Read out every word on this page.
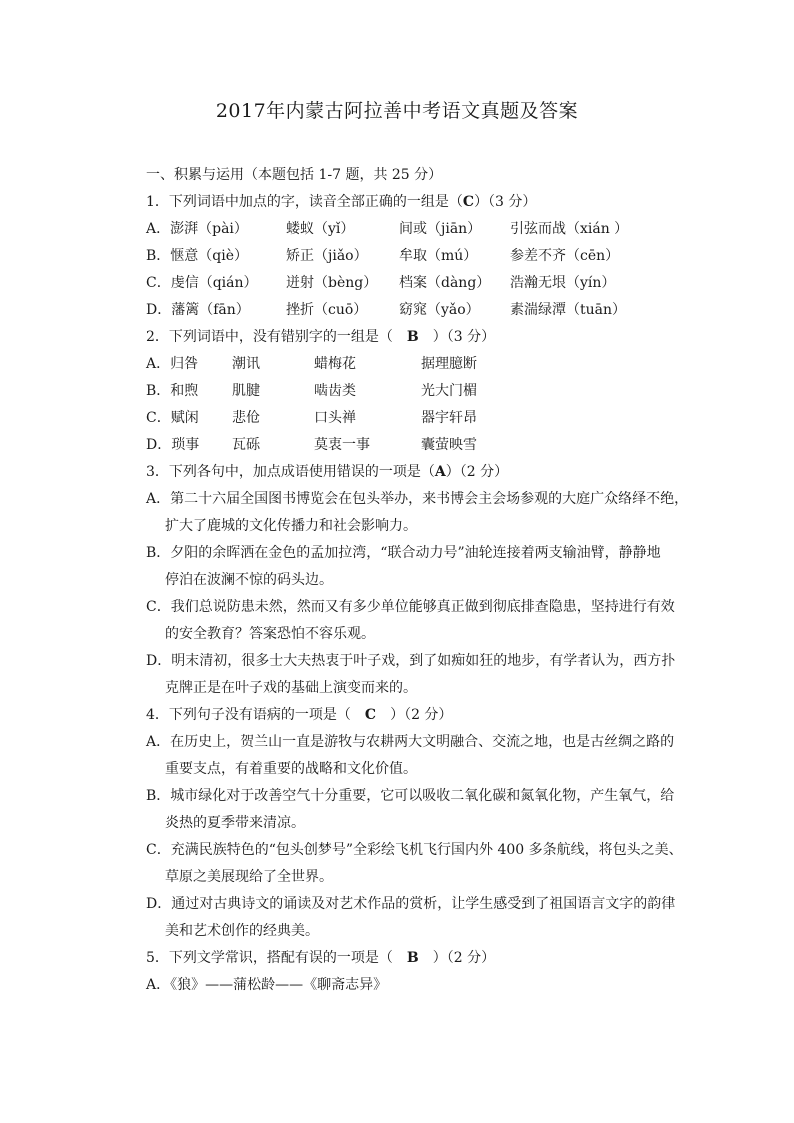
2017年内蒙古阿拉善中考语文真题及答案
一、积累与运用（本题包括 1-7 题，共 25 分）
1．下列词语中加点的字，读音全部正确的一组是（C）（3 分）
A．澎湃（pài）	蝼蚁（yǐ）	间或（jiān） 引弦而战（xián ）
B．惬意（qiè）	矫正（jiǎo） 牟取（mú） 参差不齐（cēn）
C．虔信（qián） 迸射（bèng） 档案（dàng） 浩瀚无垠（yín）
D．藩篱（fān）	挫折（cuō） 窈窕（yǎo） 素湍绿潭（tuān）
2．下列词语中，没有错别字的一组是（　B　）（3 分）
A．归咎 潮讯	蜡梅花	据理臆断
B．和煦 肌腱	啮齿类	光大门楣
C．赋闲 悲伧	口头禅	器宇轩昂
D．琐事 瓦砾	莫衷一事	囊萤映雪
3．下列各句中，加点成语使用错误的一项是（A）（2 分）
A．第二十六届全国图书博览会在包头举办，来书博会主会场参观的大庭广众络绎不绝，
扩大了鹿城的文化传播力和社会影响力。
B．夕阳的余晖洒在金色的孟加拉湾，“联合动力号”油轮连接着两支输油臂，静静地
停泊在波澜不惊的码头边。
C．我们总说防患未然，然而又有多少单位能够真正做到彻底排查隐患，坚持进行有效
的安全教育？答案恐怕不容乐观。
D．明末清初，很多士大夫热衷于叶子戏，到了如痴如狂的地步，有学者认为，西方扑
克牌正是在叶子戏的基础上演变而来的。
4．下列句子没有语病的一项是（　C　）（2 分）
A．在历史上，贺兰山一直是游牧与农耕两大文明融合、交流之地，也是古丝绸之路的
重要支点，有着重要的战略和文化价值。
B．城市绿化对于改善空气十分重要，它可以吸收二氧化碳和氮氧化物，产生氧气，给
炎热的夏季带来清凉。
C．充满民族特色的“包头创梦号”全彩绘飞机飞行国内外 400 多条航线，将包头之美、
草原之美展现给了全世界。
D．通过对古典诗文的诵读及对艺术作品的赏析，让学生感受到了祖国语言文字的韵律
美和艺术创作的经典美。
5．下列文学常识，搭配有误的一项是（　B　）（2 分）
A．《狼》——蒲松龄——《聊斋志异》
